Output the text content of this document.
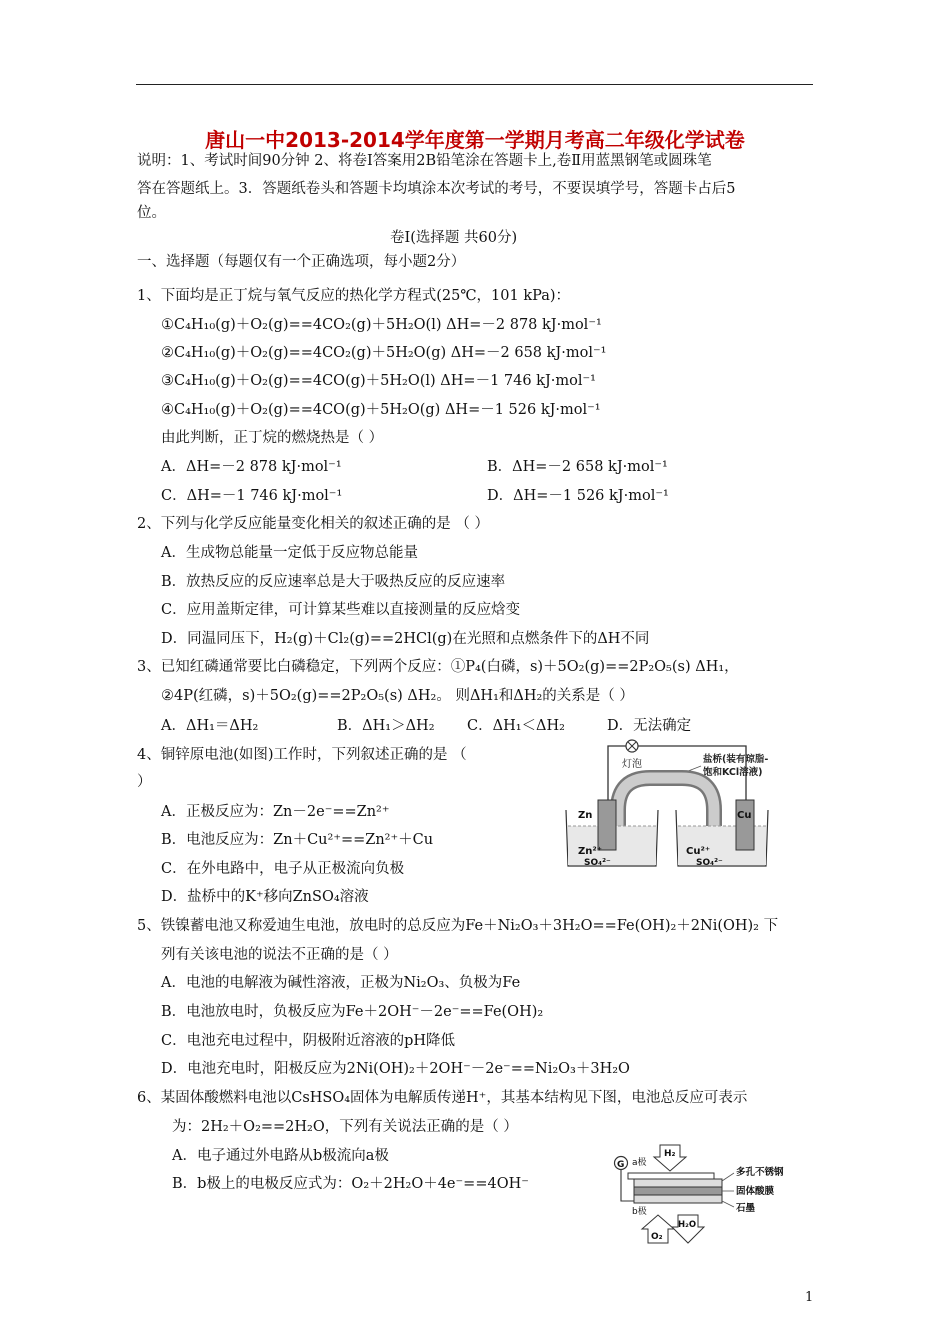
唐山一中2013-2014学年度第一学期月考高二年级化学试卷
说明：1、考试时间90分钟 2、将卷Ⅰ答案用2B铅笔涂在答题卡上,卷Ⅱ用蓝黑钢笔或圆珠笔
答在答题纸上。3．答题纸卷头和答题卡均填涂本次考试的考号，不要误填学号，答题卡占后5
位。
卷Ⅰ(选择题 共60分)
一、选择题（每题仅有一个正确选项，每小题2分）
1、下面均是正丁烷与氧气反应的热化学方程式(25℃，101 kPa)：
①C₄H₁₀(g)＋O₂(g)==4CO₂(g)＋5H₂O(l) ΔH=－2 878 kJ·mol⁻¹
②C₄H₁₀(g)＋O₂(g)==4CO₂(g)＋5H₂O(g) ΔH=－2 658 kJ·mol⁻¹
③C₄H₁₀(g)＋O₂(g)==4CO(g)＋5H₂O(l) ΔH=－1 746 kJ·mol⁻¹
④C₄H₁₀(g)＋O₂(g)==4CO(g)＋5H₂O(g) ΔH=－1 526 kJ·mol⁻¹
由此判断，正丁烷的燃烧热是（ ）
A．ΔH=－2 878 kJ·mol⁻¹	B．ΔH=－2 658 kJ·mol⁻¹
C．ΔH=－1 746 kJ·mol⁻¹	D．ΔH=－1 526 kJ·mol⁻¹
2、下列与化学反应能量变化相关的叙述正确的是 （ ）
A．生成物总能量一定低于反应物总能量
B．放热反应的反应速率总是大于吸热反应的反应速率
C．应用盖斯定律，可计算某些难以直接测量的反应焓变
D．同温同压下，H₂(g)＋Cl₂(g)==2HCl(g)在光照和点燃条件下的ΔH不同
3、已知红磷通常要比白磷稳定，下列两个反应：①P₄(白磷，s)＋5O₂(g)==2P₂O₅(s) ΔH₁，
②4P(红磷，s)＋5O₂(g)==2P₂O₅(s) ΔH₂。 则ΔH₁和ΔH₂的关系是（ ）
A．ΔH₁＝ΔH₂	B．ΔH₁＞ΔH₂ C．ΔH₁＜ΔH₂	D．无法确定
4、铜锌原电池(如图)工作时，下列叙述正确的是 （
）
A．正极反应为：Zn－2e⁻==Zn²⁺
B．电池反应为：Zn＋Cu²⁺==Zn²⁺＋Cu
C．在外电路中，电子从正极流向负极
D．盐桥中的K⁺移向ZnSO₄溶液
5、铁镍蓄电池又称爱迪生电池，放电时的总反应为Fe＋Ni₂O₃＋3H₂O==Fe(OH)₂＋2Ni(OH)₂ 下
列有关该电池的说法不正确的是（ ）
A．电池的电解液为碱性溶液，正极为Ni₂O₃、负极为Fe
B．电池放电时，负极反应为Fe＋2OH⁻－2e⁻==Fe(OH)₂
C．电池充电过程中，阴极附近溶液的pH降低
D．电池充电时，阳极反应为2Ni(OH)₂＋2OH⁻－2e⁻==Ni₂O₃＋3H₂O
6、某固体酸燃料电池以CsHSO₄固体为电解质传递H⁺，其基本结构见下图，电池总反应可表示
为：2H₂＋O₂==2H₂O，下列有关说法正确的是（ ）
A．电子通过外电路从b极流向a极
B．b极上的电极反应式为：O₂＋2H₂O＋4e⁻==4OH⁻
灯泡	盐桥(装有琼脂-
饱和KCl溶液)
Zn	Cu
Zn²⁺
SO₄²⁻
Cu²⁺
SO₄²⁻
G a极
H₂
多孔不锈钢
固体酸膜
石墨
b极
O₂
H₂O
1
